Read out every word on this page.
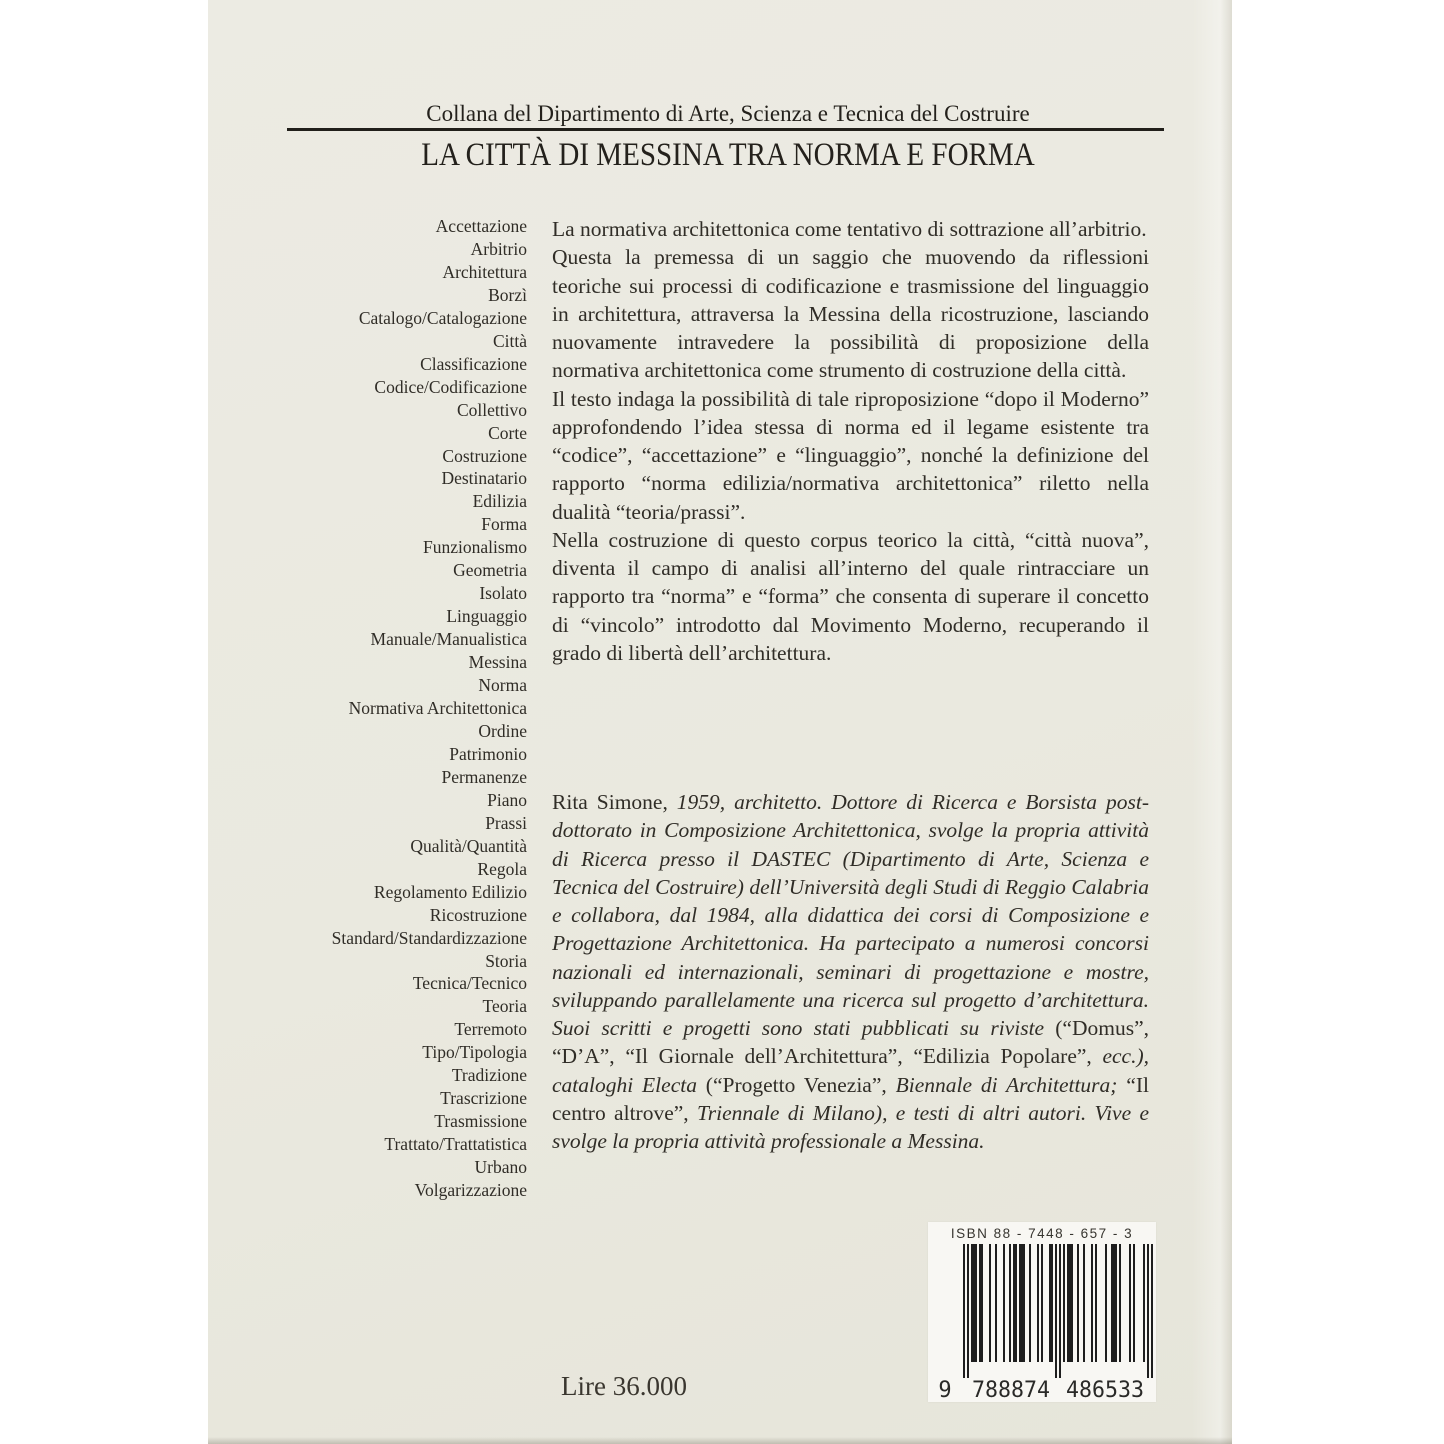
Collana del Dipartimento di Arte, Scienza e Tecnica del Costruire
LA CITTÀ DI MESSINA TRA NORMA E FORMA
Accettazione
Arbitrio
Architettura
Borzì
Catalogo/Catalogazione
Città
Classificazione
Codice/Codificazione
Collettivo
Corte
Costruzione
Destinatario
Edilizia
Forma
Funzionalismo
Geometria
Isolato
Linguaggio
Manuale/Manualistica
Messina
Norma
Normativa Architettonica
Ordine
Patrimonio
Permanenze
Piano
Prassi
Qualità/Quantità
Regola
Regolamento Edilizio
Ricostruzione
Standard/Standardizzazione
Storia
Tecnica/Tecnico
Teoria
Terremoto
Tipo/Tipologia
Tradizione
Trascrizione
Trasmissione
Trattato/Trattatistica
Urbano
Volgarizzazione

La normativa architettonica come tentativo di sottrazione all’arbitrio.

Questa la premessa di un saggio che muovendo da riflessioni teoriche sui processi di codificazione e trasmissione del linguaggio in architettura, attraversa la Messina della ricostruzione, lasciando nuovamente intravedere la possibilità di proposizione della normativa architettonica come strumento di costruzione della città.

Il testo indaga la possibilità di tale riproposizione “dopo il Moderno” approfondendo l’idea stessa di norma ed il legame esistente tra “codice”, “accettazione” e “linguaggio”, nonché la definizione del rapporto “norma edilizia/normativa architettonica” riletto nella dualità “teoria/prassi”.

Nella costruzione di questo corpus teorico la città, “città nuova”, diventa il campo di analisi all’interno del quale rintracciare un rapporto tra “norma” e “forma” che consenta di superare il concetto di “vincolo” introdotto dal Movimento Moderno, recuperando il grado di libertà dell’architettura.

Rita Simone, 1959, architetto. Dottore di Ricerca e Borsista post-dottorato in Composizione Architettonica, svolge la propria attività di Ricerca presso il DASTEC (Dipartimento di Arte, Scienza e Tecnica del Costruire) dell’Università degli Studi di Reggio Calabria e collabora, dal 1984, alla didattica dei corsi di Composizione e Progettazione Architettonica. Ha partecipato a numerosi concorsi nazionali ed internazionali, seminari di progettazione e mostre, sviluppando parallelamente una ricerca sul progetto d’architettura. Suoi scritti e progetti sono stati pubblicati su riviste (“Domus”, “D’A”, “Il Giornale dell’Architettura”, “Edilizia Popolare”, ecc.), cataloghi Electa (“Progetto Venezia”, Biennale di Architettura; “Il centro altrove”, Triennale di Milano), e testi di altri autori. Vive e svolge la propria attività professionale a Messina.
Lire 36.000
ISBN 88 - 7448 - 657 - 3
9 788874 486533
